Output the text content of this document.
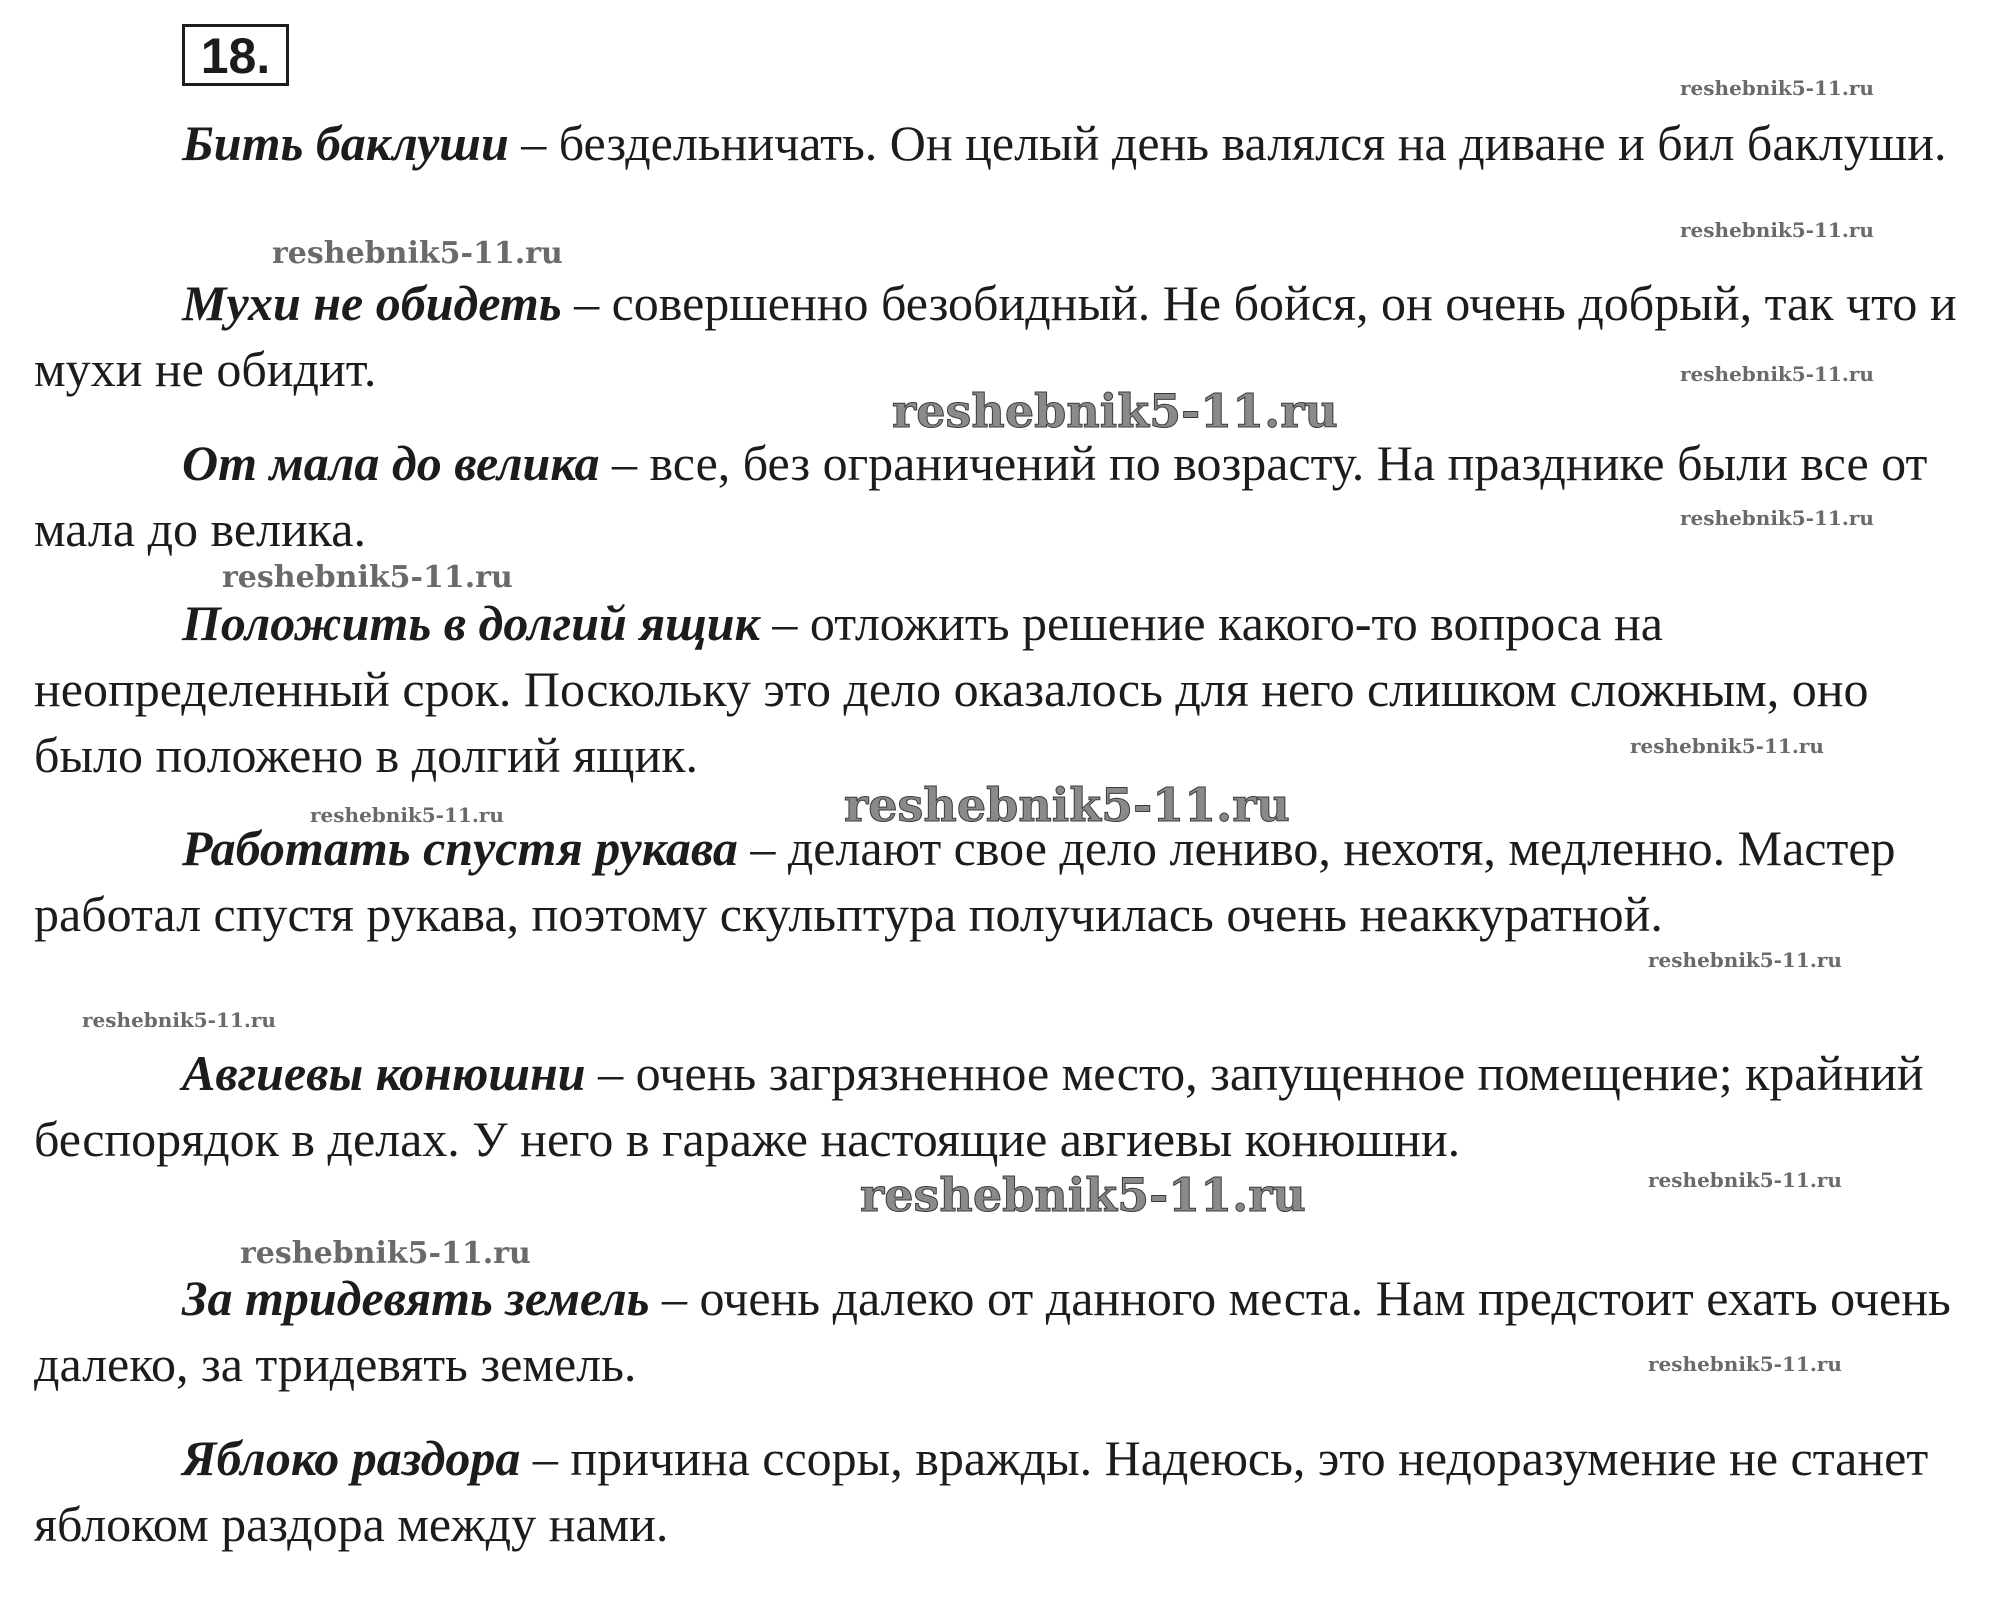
18.
Бить баклуши – бездельничать. Он целый день валялся на диване и бил баклуши.
Мухи не обидеть – совершенно безобидный. Не бойся, он очень добрый, так что и мухи не обидит.
От мала до велика – все, без ограничений по возрасту. На празднике были все от мала до велика.
Положить в долгий ящик – отложить решение какого-то вопроса на неопределенный срок. Поскольку это дело оказалось для него слишком сложным, оно было положено в долгий ящик.
Работать спустя рукава – делают свое дело лениво, нехотя, медленно. Мастер работал спустя рукава, поэтому скульптура получилась очень неаккуратной.
Авгиевы конюшни – очень загрязненное место, запущенное помещение; крайний беспорядок в делах. У него в гараже настоящие авгиевы конюшни.
За тридевять земель – очень далеко от данного места. Нам предстоит ехать очень далеко, за тридевять земель.
Яблоко раздора – причина ссоры, вражды. Надеюсь, это недоразумение не станет яблоком раздора между нами.
reshebnik5-11.ru
reshebnik5-11.ru
reshebnik5-11.ru
reshebnik5-11.ru
reshebnik5-11.ru
reshebnik5-11.ru
reshebnik5-11.ru
reshebnik5-11.ru
reshebnik5-11.ru
reshebnik5-11.ru
reshebnik5-11.ru
reshebnik5-11.ru
reshebnik5-11.ru
reshebnik5-11.ru
reshebnik5-11.ru
reshebnik5-11.ru
